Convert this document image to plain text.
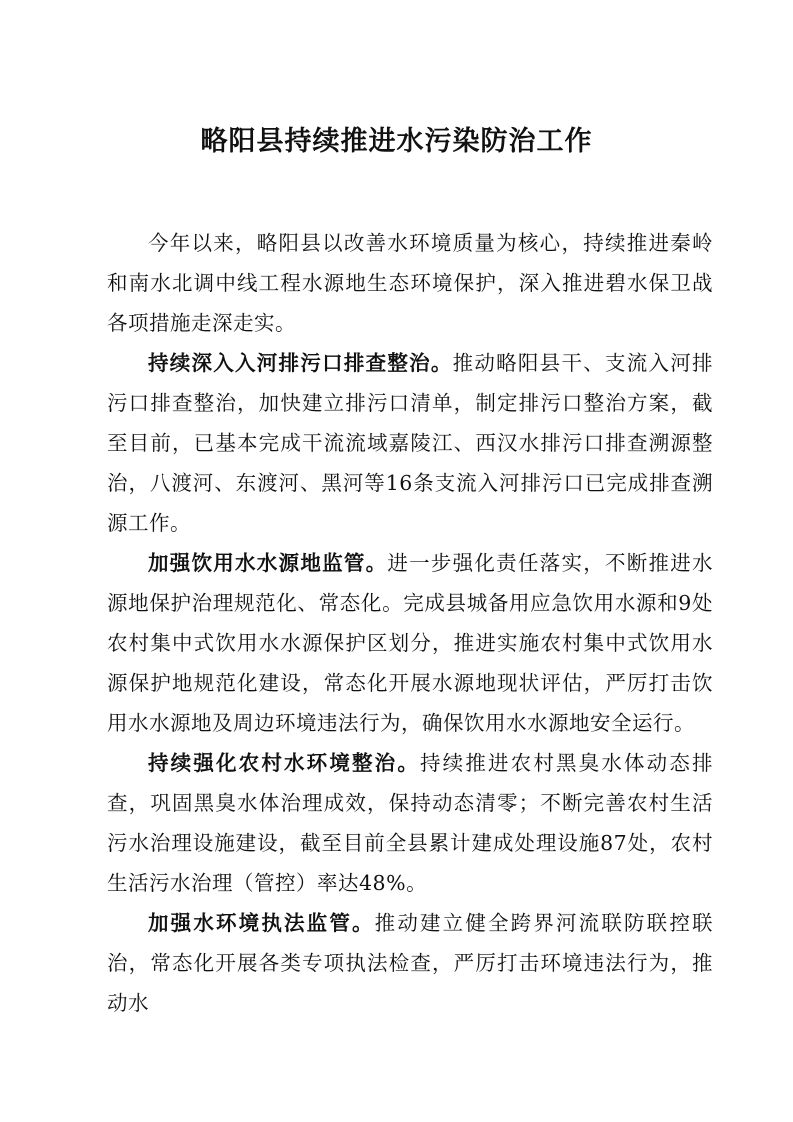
略阳县持续推进水污染防治工作

今年以来，略阳县以改善水环境质量为核心，持续推进秦岭和南水北调中线工程水源地生态环境保护，深入推进碧水保卫战各项措施走深走实。

持续深入入河排污口排查整治。推动略阳县干、支流入河排污口排查整治，加快建立排污口清单，制定排污口整治方案，截至目前，已基本完成干流流域嘉陵江、西汉水排污口排查溯源整治，八渡河、东渡河、黑河等16条支流入河排污口已完成排查溯源工作。

加强饮用水水源地监管。进一步强化责任落实，不断推进水源地保护治理规范化、常态化。完成县城备用应急饮用水源和9处农村集中式饮用水水源保护区划分，推进实施农村集中式饮用水源保护地规范化建设，常态化开展水源地现状评估，严厉打击饮用水水源地及周边环境违法行为，确保饮用水水源地安全运行。

持续强化农村水环境整治。持续推进农村黑臭水体动态排查，巩固黑臭水体治理成效，保持动态清零；不断完善农村生活污水治理设施建设，截至目前全县累计建成处理设施87处，农村生活污水治理（管控）率达48%。

加强水环境执法监管。推动建立健全跨界河流联防联控联治，常态化开展各类专项执法检查，严厉打击环境违法行为，推动水
